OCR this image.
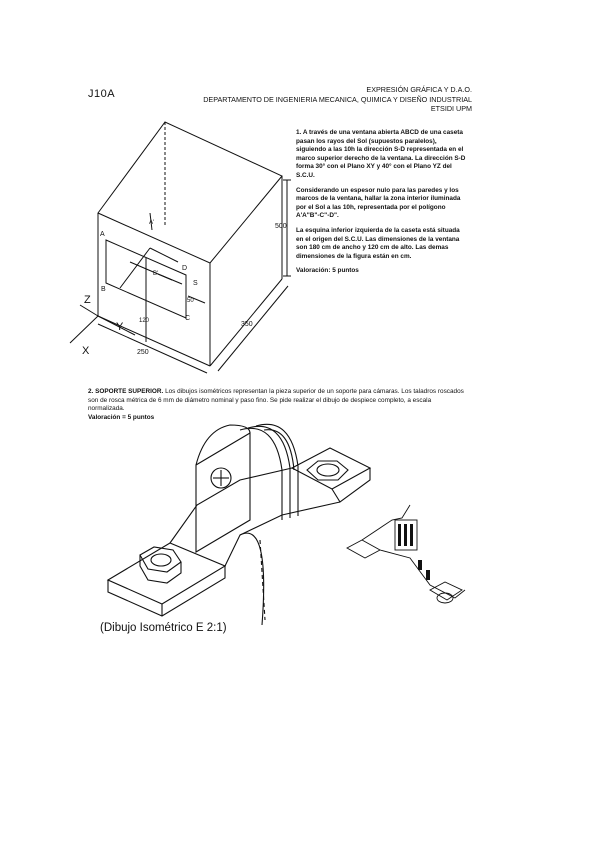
J10A	EXPRESIÓN GRÁFICA Y D.A.O.
DEPARTAMENTO DE INGENIERIA MECANICA, QUIMICA Y DISEÑO INDUSTRIAL
ETSIDI UPM

1. A través de una ventana abierta ABCD de una caseta pasan los rayos del Sol (supuestos paralelos), siguiendo a las 10h la dirección S-D representada en el marco superior derecho de la ventana. La dirección S-D forma 30° con el Plano XY y 40° con el Plano YZ del S.C.U.

Considerando un espesor nulo para las paredes y los marcos de la ventana, hallar la zona interior iluminada por el Sol a las 10h, representada por el polígono A'A"B"-C"-D".

La esquina inferior izquierda de la caseta está situada en el origen del S.C.U. Las dimensiones de la ventana son 180 cm de ancho y 120 cm de alto. Las demas dimensiones de la figura están en cm.

Valoración: 5 puntos

500
350
250
120
50
A
B
C
D
S
A'
B'
X
Y
Z
2. SOPORTE SUPERIOR. Los dibujos isométricos representan la pieza superior de un soporte para cámaras. Los taladros roscados son de rosca métrica de 6 mm de diámetro nominal y paso fino. Se pide realizar el dibujo de despiece completo, a escala normalizada.
Valoración = 5 puntos
(Dibujo Isométrico E 2:1)
